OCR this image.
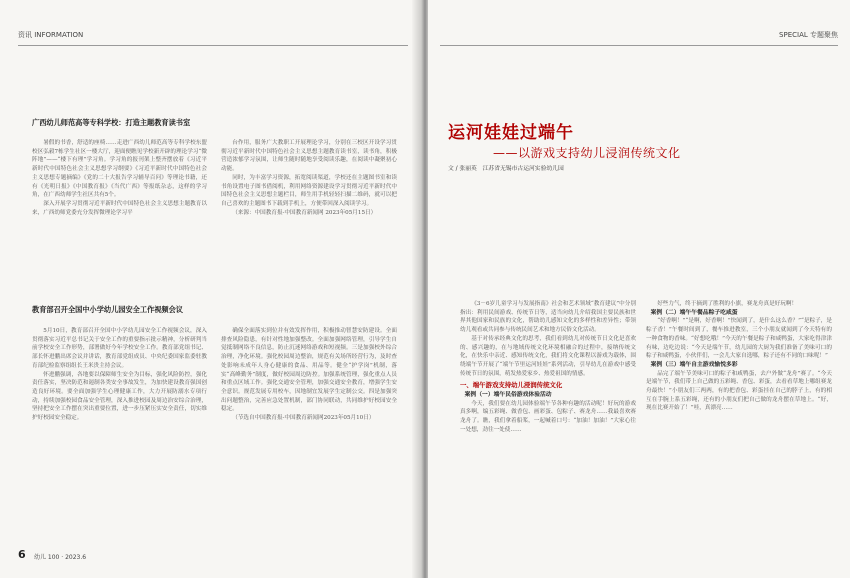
资讯 INFORMATION
广西幼儿师范高等专科学校：打造主题教育读书室

暑假的书香，舒适的座椅……走进广西幼儿师范高等专科学校东盟校区弘毅7栋学生社区一楼大厅，迎面便瞧见学校新开辟的理论学习“微阵地”——“楼下有理”学习角。学习角的报刊架上整齐摆放着《习近平新时代中国特色社会主义思想学习纲要》《习近平新时代中国特色社会主义思想专题摘编》《党的二十大报告学习辅导百问》等理论书籍，还有《光明日报》《中国教育报》《当代广西》等报纸杂志，这样的学习角，在广西幼师学生社区共有5个。

深入开展学习贯彻习近平新时代中国特色社会主义思想主题教育以来，广西幼师党委充分发挥微理论学习平

台作用，服务广大教职工开展理论学习，分别在三校区开设学习贯彻习近平新时代中国特色社会主义思想主题教育读书室，读书角，积极营造浓郁学习氛围，让师生随时随地享受阅读乐趣，在阅读中凝聚初心动能。

同时，为丰富学习资源，拓宽阅读渠道，学校还在主题图书室和读书角设置电子图书借阅机，利用网络资源建设学习贯彻习近平新时代中国特色社会主义思想主题栏目，师生用手机轻轻扫描二维码，就可以把自己喜欢的主题图书下载到手机上，方便带回深入阅读学习。

（来源：中国教育报-中国教育新闻网 2023年05月15日）

教育部召开全国中小学幼儿园安全工作视频会议

5月10日，教育部召开全国中小学幼儿园安全工作视频会议，深入贯彻落实习近平总书记关于安全工作的重要指示批示精神，分析研判当前学校安全工作形势，部署做好今年学校安全工作。教育部党组书记、部长怀进鹏出席会议并讲话，教育部党组成员、中央纪委国家监委驻教育部纪检监察组组长王米贵主持会议。

怀进鹏强调，各地要以保障师生安全为目标，强化风险防控，强化责任落实，坚决防范和遏制各类安全事故发生，为加快建设教育强国创造良好环境。要全面加强学生心理健康工作，大力开展防溺水专项行动，持续加强校园食品安全管理，深入推进校园及周边治安综合治理，坚持把安全工作摆在突出重要位置，进一步压紧压实安全责任，切实维护好校园安全稳定。

确保全面落实到位并有效发挥作用，积极推动智慧安防建设。全面排查风险隐患，有针对性地加强整改。全面加强网络管理，引导学生自觉抵制网络不良信息，防止沉迷网络游戏和短视频。三是加强校外综合治理，净化环境。强化校园周边整治，规范有关场所经营行为，及时查处影响未成年人身心健康的食品、用品等。健全“护学岗”机制，落实“高峰勤务”制度，做好校园周边防控。加强系统管理，强化重点人员和重点区域工作。强化交通安全管理，加强交通安全教育，增强学生安全意识。规范发展专用校车，因地制宜发展学生定制公交。四是加强突出问题整治，完善应急处置机制，部门协同联动，共同维护好校园安全稳定。

（节选自中国教育报-中国教育新闻网2023年05月10日）

6 幼儿 100 · 2023.6
SPECIAL 专题聚焦
运河娃娃过端午
——以游戏支持幼儿浸润传统文化
文 / 张丽英　江苏省无锡市古运河实验幼儿园

《3－6岁儿童学习与发展指南》社会和艺术领域“教育建议”中分别指出：利用民间游戏、传统节日等，适当向幼儿介绍我国主要民族和世界其他国家和民族的文化，帮助幼儿感知文化的多样性和差异性；带领幼儿观看或共同参与传统民间艺术和地方民俗文化活动。

基于对传承经典文化的思考，我们看到幼儿对传统节日文化是喜欢的、感兴趣的，在与地域传统文化环境相融合的过程中，接纳传统文化，在快乐中亲近、感知传统文化，我们将文化课程以游戏为载体，围绕端午节开展了“端午节里运河娃娃”系列活动，引导幼儿在游戏中感受传统节日的氛围，萌发热爱家乡、热爱祖国的情感。

一、端午游戏支持幼儿浸润传统文化

案例（一）端午民俗游戏体验活动

今天，我们要在幼儿园体验端午节各种有趣的活动呢！好玩的游戏真多啊，编五彩绳、做香包、画彩蛋、包粽子、赛龙舟……我最喜欢赛龙舟了。瞧，我们拿着船桨，一起喊着口号：“加油！加油！”大家心往一处想，劲往一处使……

好些力气，终于摘到了胜利的小旗，赛龙舟真是好玩啊！

案例（二）端午午餐品粽子吃咸蛋

“好香啊！”“是啊，好香啊！”快闻到了，是什么这么香？”“是粽子，是粽子香！”午餐时间到了，餐车推进教室，三个小朋友就闻到了今天特有的一种食物的香味。“好想吃哦！”今天的午餐是粽子和咸鸭蛋，大家吃得津津有味，边吃边说：“今天是端午节，幼儿园的大厨为我们准备了美味可口的粽子和咸鸭蛋，小伙伴们，一会儿大家自选哪，粽子还有不同的口味呢！”

案例（三）端午自主游戏愉悦多彩

品完了端午节美味可口的粽子和咸鸭蛋，去户外做“龙舟”赛了。“今天是端午节，我们带上自己做的五彩绳、香包、彩蛋，去看看草地上哪组赛龙舟最快！”小朋友们三两两，有的把香包、彩蛋挂在自己的脖子上，有的相互在手腕上系五彩绳，还有的小朋友们把自己做的龙舟摆在草地上。“好，现在比赛开始了！”哇，真漂亮……
